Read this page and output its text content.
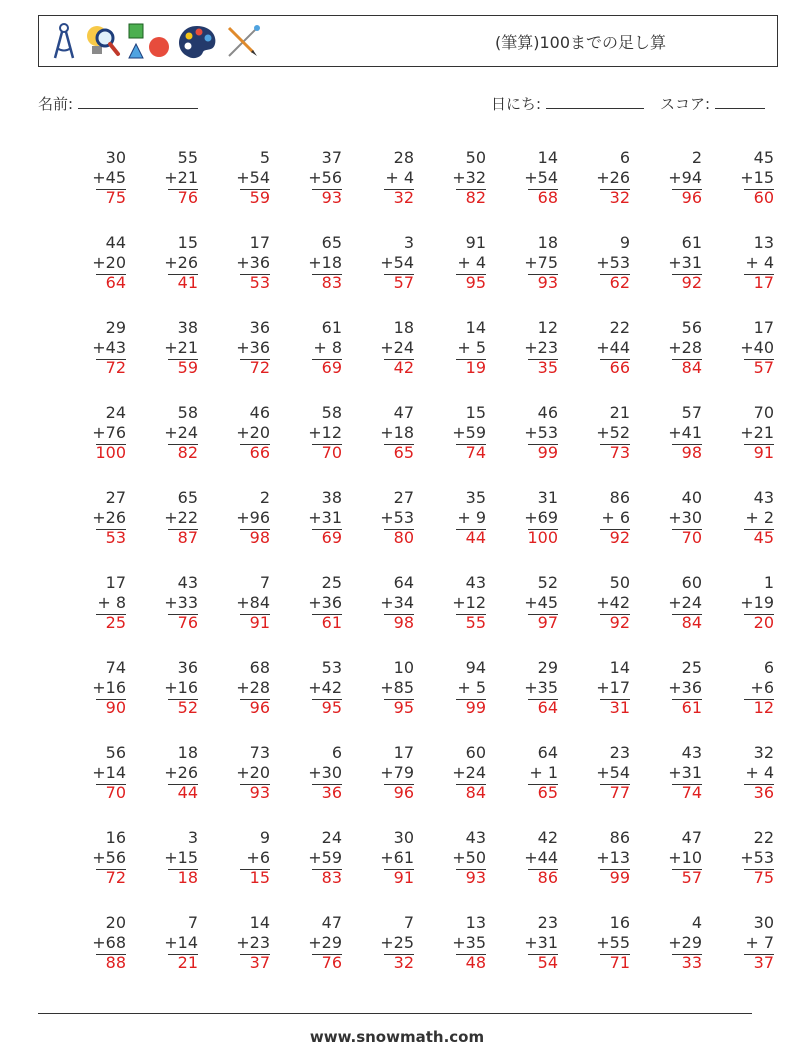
(筆算)100までの足し算
名前:	日にち:	スコア:
30
+45
75
55
+21
76
5
+54
59
37
+56
93
28
+ 4
32
50
+32
82
14
+54
68
6
+26
32
2
+94
96
45
+15
60
44
+20
64
15
+26
41
17
+36
53
65
+18
83
3
+54
57
91
+ 4
95
18
+75
93
9
+53
62
61
+31
92
13
+ 4
17
29
+43
72
38
+21
59
36
+36
72
61
+ 8
69
18
+24
42
14
+ 5
19
12
+23
35
22
+44
66
56
+28
84
17
+40
57
24
+76
100
58
+24
82
46
+20
66
58
+12
70
47
+18
65
15
+59
74
46
+53
99
21
+52
73
57
+41
98
70
+21
91
27
+26
53
65
+22
87
2
+96
98
38
+31
69
27
+53
80
35
+ 9
44
31
+69
100
86
+ 6
92
40
+30
70
43
+ 2
45
17
+ 8
25
43
+33
76
7
+84
91
25
+36
61
64
+34
98
43
+12
55
52
+45
97
50
+42
92
60
+24
84
1
+19
20
74
+16
90
36
+16
52
68
+28
96
53
+42
95
10
+85
95
94
+ 5
99
29
+35
64
14
+17
31
25
+36
61
6
+6
12
56
+14
70
18
+26
44
73
+20
93
6
+30
36
17
+79
96
60
+24
84
64
+ 1
65
23
+54
77
43
+31
74
32
+ 4
36
16
+56
72
3
+15
18
9
+6
15
24
+59
83
30
+61
91
43
+50
93
42
+44
86
86
+13
99
47
+10
57
22
+53
75
20
+68
88
7
+14
21
14
+23
37
47
+29
76
7
+25
32
13
+35
48
23
+31
54
16
+55
71
4
+29
33
30
+ 7
37
www.snowmath.com
